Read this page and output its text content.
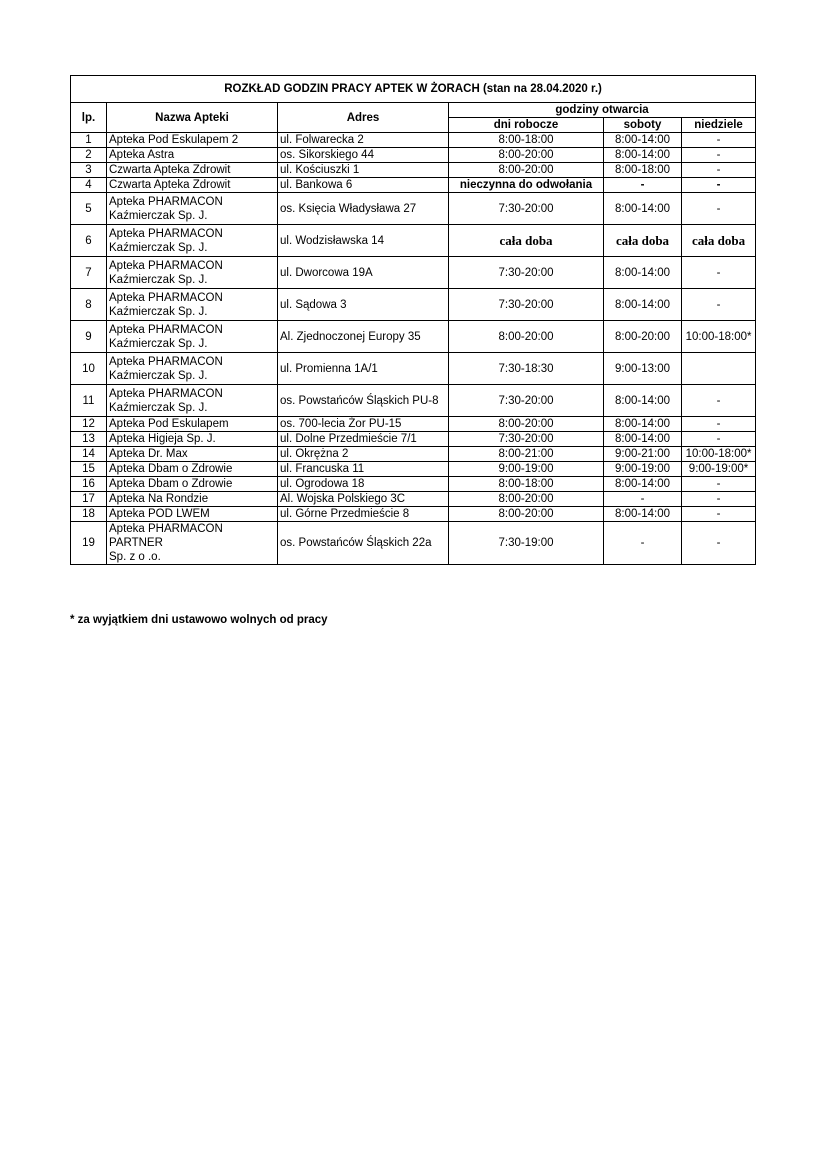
ROZKŁAD GODZIN PRACY APTEK W ŻORACH (stan na 28.04.2020 r.)					
lp.	Nazwa Apteki	Adres	godziny otwarcia		
			dni robocze	soboty	niedziele
1	Apteka Pod Eskulapem 2	ul. Folwarecka 2	8:00-18:00	8:00-14:00	-
2	Apteka Astra	os. Sikorskiego 44	8:00-20:00	8:00-14:00	-
3	Czwarta Apteka Zdrowit	ul. Kościuszki 1	8:00-20:00	8:00-18:00	-
4	Czwarta Apteka Zdrowit	ul. Bankowa 6	nieczynna do odwołania	-	-
5	Apteka PHARMACON
Kaźmierczak Sp. J.	os. Księcia Władysława 27	7:30-20:00	8:00-14:00	-
6	Apteka PHARMACON
Kaźmierczak Sp. J.	ul. Wodzisławska 14	cała doba	cała doba	cała doba
7	Apteka PHARMACON
Kaźmierczak Sp. J.	ul. Dworcowa 19A	7:30-20:00	8:00-14:00	-
8	Apteka PHARMACON
Kaźmierczak Sp. J.	ul. Sądowa 3	7:30-20:00	8:00-14:00	-
9	Apteka PHARMACON
Kaźmierczak Sp. J.	Al. Zjednoczonej Europy 35	8:00-20:00	8:00-20:00	10:00-18:00*
10	Apteka PHARMACON
Kaźmierczak Sp. J.	ul. Promienna 1A/1	7:30-18:30	9:00-13:00	
11	Apteka PHARMACON
Kaźmierczak Sp. J.	os. Powstańców Śląskich PU-8	7:30-20:00	8:00-14:00	-
12	Apteka Pod Eskulapem	os. 700-lecia Żor PU-15	8:00-20:00	8:00-14:00	-
13	Apteka Higieja Sp. J.	ul. Dolne Przedmieście 7/1	7:30-20:00	8:00-14:00	-
14	Apteka Dr. Max	ul. Okrężna 2	8:00-21:00	9:00-21:00	10:00-18:00*
15	Apteka Dbam o Zdrowie	ul. Francuska 11	9:00-19:00	9:00-19:00	9:00-19:00*
16	Apteka Dbam o Zdrowie	ul. Ogrodowa 18	8:00-18:00	8:00-14:00	-
17	Apteka Na Rondzie	Al. Wojska Polskiego 3C	8:00-20:00	-	-
18	Apteka POD LWEM	ul. Górne Przedmieście 8	8:00-20:00	8:00-14:00	-
19	Apteka PHARMACON PARTNER
Sp. z o .o.	os. Powstańców Śląskich 22a	7:30-19:00	-	-
* za wyjątkiem dni ustawowo wolnych od pracy
